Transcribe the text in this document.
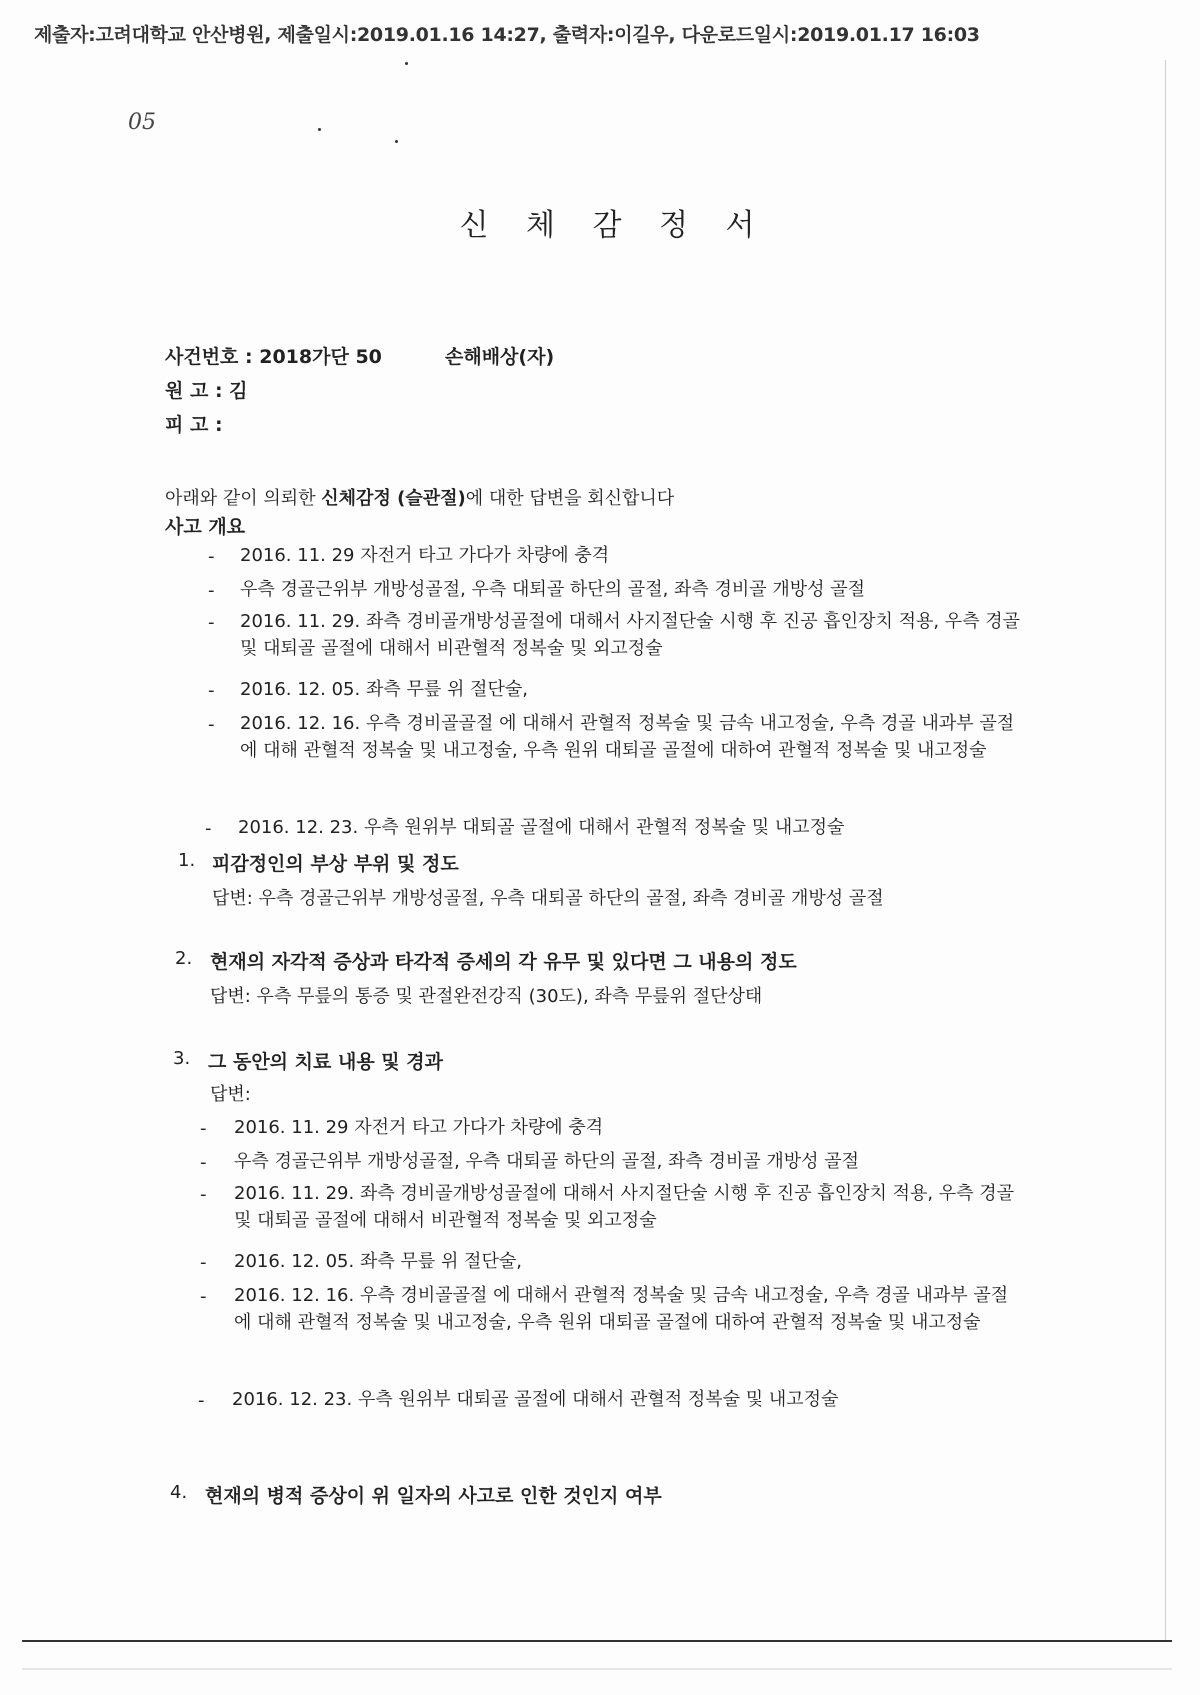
제출자:고려대학교 안산병원, 제출일시:2019.01.16 14:27, 출력자:이길우, 다운로드일시:2019.01.17 16:03
05
신 체 감 정 서
사건번호 : 2018가단 50	손해배상(자)
원 고 : 김
피 고 :
아래와 같이 의뢰한 신체감정 (슬관절)에 대한 답변을 회신합니다
사고 개요
- 2016. 11. 29 자전거 타고 가다가 차량에 충격
- 우측 경골근위부 개방성골절, 우측 대퇴골 하단의 골절, 좌측 경비골 개방성 골절
- 2016. 11. 29. 좌측 경비골개방성골절에 대해서 사지절단술 시행 후 진공 흡인장치 적용, 우측 경골 및 대퇴골 골절에 대해서 비관혈적 정복술 및 외고정술
- 2016. 12. 05. 좌측 무릎 위 절단술,
- 2016. 12. 16. 우측 경비골골절 에 대해서 관혈적 정복술 및 금속 내고정술, 우측 경골 내과부 골절에 대해 관혈적 정복술 및 내고정술, 우측 원위 대퇴골 골절에 대하여 관혈적 정복술 및 내고정술
- 2016. 12. 23. 우측 원위부 대퇴골 골절에 대해서 관혈적 정복술 및 내고정술
1. 피감정인의 부상 부위 및 정도
답변: 우측 경골근위부 개방성골절, 우측 대퇴골 하단의 골절, 좌측 경비골 개방성 골절
2. 현재의 자각적 증상과 타각적 증세의 각 유무 및 있다면 그 내용의 정도
답변: 우측 무릎의 통증 및 관절완전강직 (30도), 좌측 무릎위 절단상태
3. 그 동안의 치료 내용 및 경과
답변:
- 2016. 11. 29 자전거 타고 가다가 차량에 충격
- 우측 경골근위부 개방성골절, 우측 대퇴골 하단의 골절, 좌측 경비골 개방성 골절
- 2016. 11. 29. 좌측 경비골개방성골절에 대해서 사지절단술 시행 후 진공 흡인장치 적용, 우측 경골 및 대퇴골 골절에 대해서 비관혈적 정복술 및 외고정술
- 2016. 12. 05. 좌측 무릎 위 절단술,
- 2016. 12. 16. 우측 경비골골절 에 대해서 관혈적 정복술 및 금속 내고정술, 우측 경골 내과부 골절에 대해 관혈적 정복술 및 내고정술, 우측 원위 대퇴골 골절에 대하여 관혈적 정복술 및 내고정술
- 2016. 12. 23. 우측 원위부 대퇴골 골절에 대해서 관혈적 정복술 및 내고정술
4. 현재의 병적 증상이 위 일자의 사고로 인한 것인지 여부
